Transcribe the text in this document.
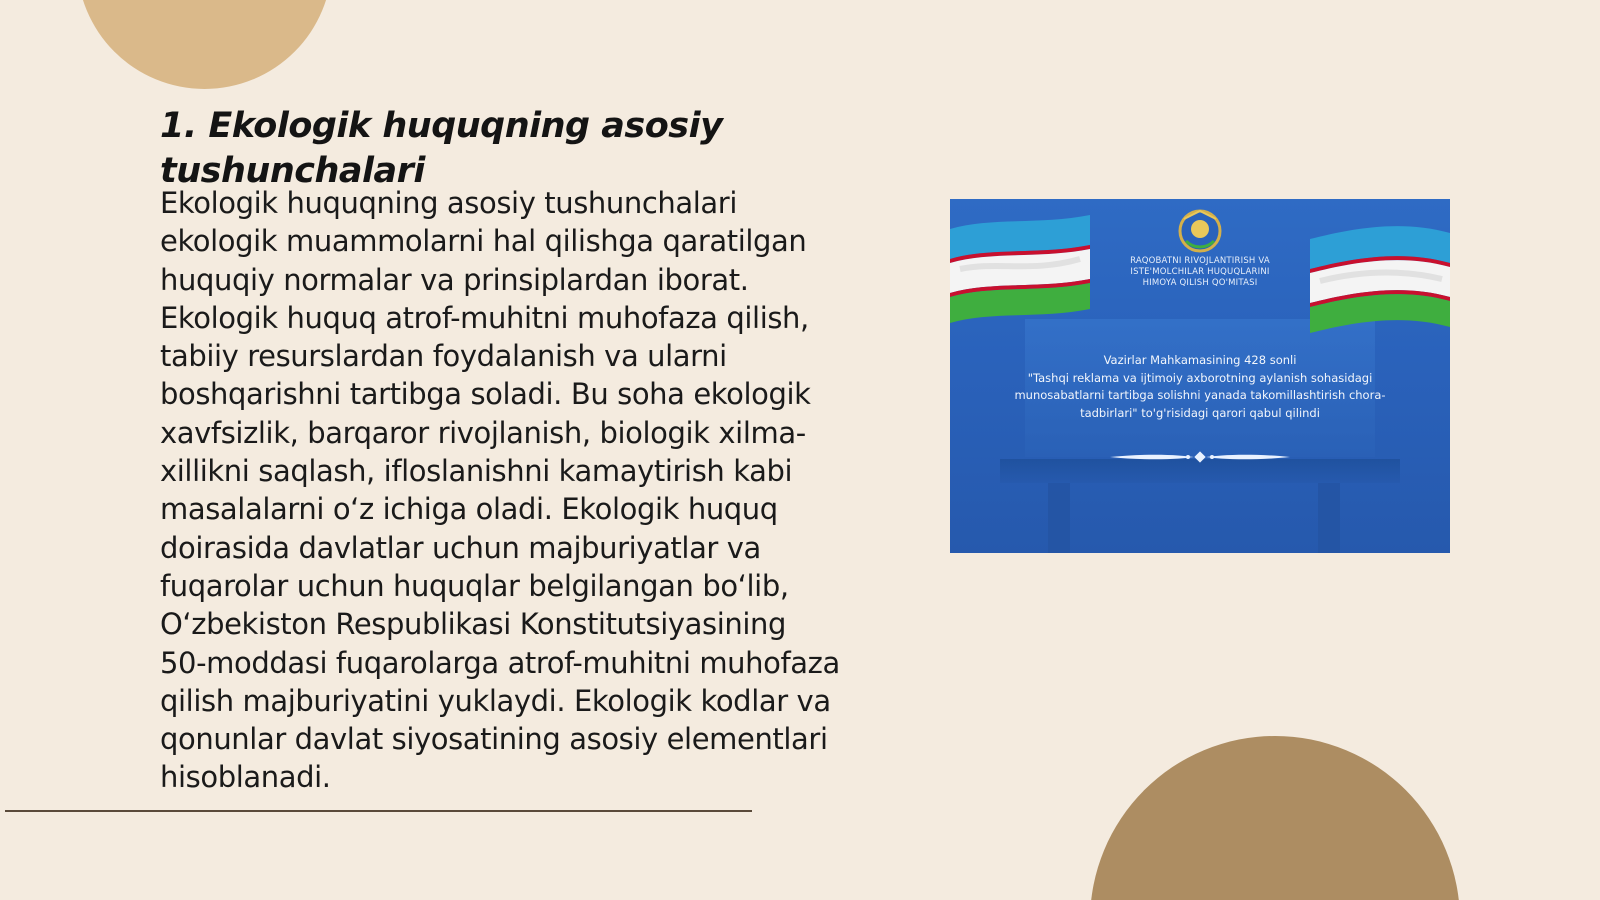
1. Ekologik huquqning asosiy tushunchalari

Ekologik huquqning asosiy tushunchalari ekologik muammolarni hal qilishga qaratilgan huquqiy normalar va prinsiplardan iborat. Ekologik huquq atrof-muhitni muhofaza qilish, tabiiy resurslardan foydalanish va ularni boshqarishni tartibga soladi. Bu soha ekologik xavfsizlik, barqaror rivojlanish, biologik xilma-xillikni saqlash, ifloslanishni kamaytirish kabi masalalarni o‘z ichiga oladi. Ekologik huquq doirasida davlatlar uchun majburiyatlar va fuqarolar uchun huquqlar belgilangan bo‘lib, O‘zbekiston Respublikasi Konstitutsiyasining 50-moddasi fuqarolarga atrof-muhitni muhofaza qilish majburiyatini yuklaydi. Ekologik kodlar va qonunlar davlat siyosatining asosiy elementlari hisoblanadi.

RAQOBATNI RIVOJLANTIRISH VA
ISTE'MOLCHILAR HUQUQLARINI
HIMOYA QILISH QO'MITASI
Vazirlar Mahkamasining 428 sonli
"Tashqi reklama va ijtimoiy axborotning aylanish sohasidagi
munosabatlarni tartibga solishni yanada takomillashtirish chora-
tadbirlari" to'g'risidagi qarori qabul qilindi
